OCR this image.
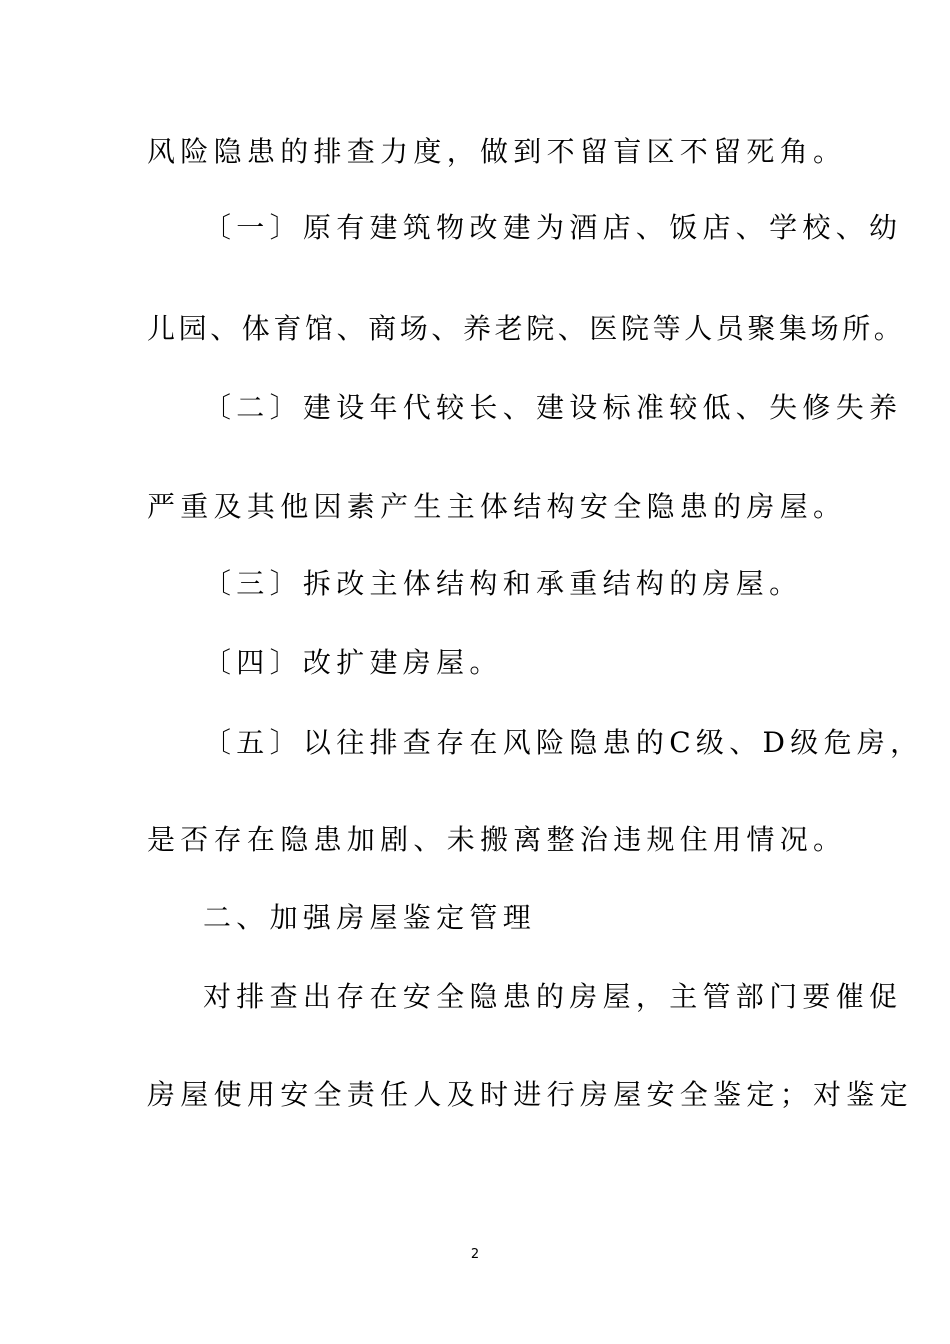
风险隐患的排查力度，做到不留盲区不留死角。
〔一〕原有建筑物改建为酒店、饭店、学校、幼
儿园、体育馆、商场、养老院、医院等人员聚集场所。
〔二〕建设年代较长、建设标准较低、失修失养
严重及其他因素产生主体结构安全隐患的房屋。
〔三〕拆改主体结构和承重结构的房屋。
〔四〕改扩建房屋。
〔五〕以往排查存在风险隐患的C级、D级危房，
是否存在隐患加剧、未搬离整治违规住用情况。
二、加强房屋鉴定管理
对排查出存在安全隐患的房屋，主管部门要催促
房屋使用安全责任人及时进行房屋安全鉴定；对鉴定
2
